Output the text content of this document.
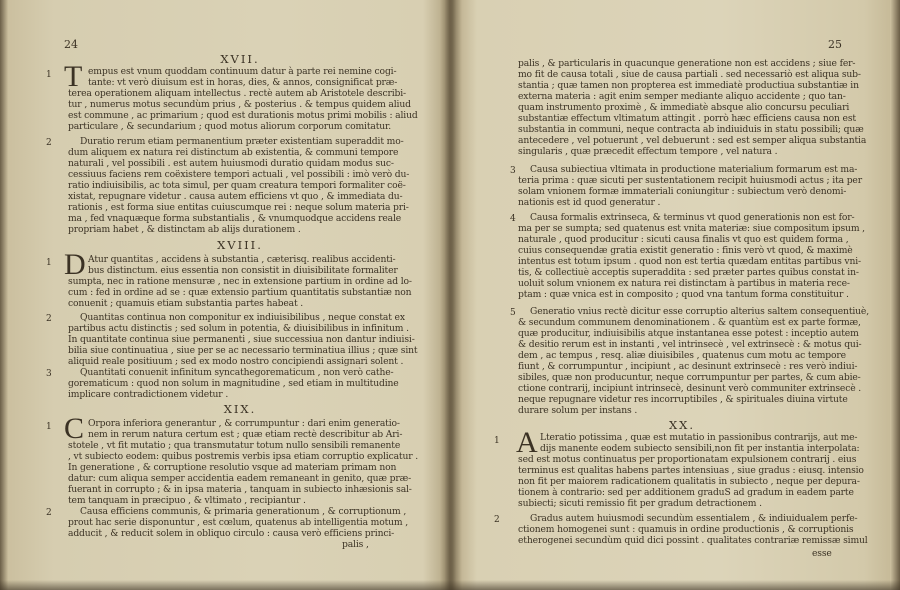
24
XVII.
T
1	empus est vnum quoddam continuum datur à parte rei nemine cogi-
tante: vt verò diuisum est in horas, dies, & annos, consignificat præ-
terea operationem aliquam intellectus . rectè autem ab Aristotele describi-
tur , numerus motus secundùm prius , & posterius . & tempus quidem aliud
est commune , ac primarium ; quod est durationis motus primi mobilis : aliud
particulare , & secundarium ; quod motus aliorum corporum comitatur.
2	Duratio rerum etiam permanentium præter existentiam superaddit mo-
dum aliquem ex natura rei distinctum ab existentia, & communi tempore
naturali , vel possibili . est autem huiusmodi duratio quidam modus suc-
cessiuus faciens rem coëxistere tempori actuali , vel possibili : imò verò du-
ratio indiuisibilis, ac tota simul, per quam creatura tempori formaliter coë-
xistat, repugnare videtur . causa autem efficiens vt quo , & immediata du-
rationis , est forma siue entitas cuiuscumque rei : neque solum materia pri-
ma , fed vnaquæque forma substantialis , & vnumquodque accidens reale
propriam habet , & distinctam ab alijs durationem .
XVIII.
D
1	Atur quantitas , accidens à substantia , cæterisq. realibus accidenti-
bus distinctum. eius essentia non consistit in diuisibilitate formaliter
sumpta, nec in ratione mensuræ , nec in extensione partium in ordine ad lo-
cum : fed in ordine ad se : quæ extensio partium quantitatis substantiæ non
conuenit ; quamuis etiam substantia partes habeat .
2	Quantitas continua non componitur ex indiuisibilibus , neque constat ex
partibus actu distinctis ; sed solum in potentia, & diuisibilibus in infinitum .
In quantitate continua siue permanenti , siue successiua non dantur indiuisi-
bilia siue continuatiua , siue per se ac necessario terminatiua illius ; quæ sint
aliquid reale positiuum ; sed ex modo nostro concipiendi assignari solent .
3	Quantitati conuenit infinitum syncathegorematicum , non verò cathe-
gorematicum : quod non solum in magnitudine , sed etiam in multitudine
implicare contradictionem videtur .
XIX.
C
1	Orpora inferiora generantur , & corrumpuntur : dari enim generatio-
nem in rerum natura certum est ; quæ etiam rectè describitur ab Ari-
stotele , vt fit mutatio ; qua transmutatur totum nullo sensibili remanente
, vt subiecto eodem: quibus postremis verbis ipsa etiam corruptio explicatur .
In generatione , & corruptione resolutio vsque ad materiam primam non
datur: cum aliqua semper accidentia eadem remaneant in genito, quæ præ-
fuerant in corrupto ; & in ipsa materia , tanquam in subiecto inhæsionis sal-
tem tanquam in præcipuo , & vltimato , recipiantur .
2	Causa efficiens communis, & primaria generationum , & corruptionum ,
prout hac serie disponuntur , est cœlum, quatenus ab intelligentia motum ,
adducit , & reducit solem in obliquo circulo : causa verò efficiens princi-
palis ,
25
palis , & particularis in quacunque generatione non est accidens ; siue fer-
mo fit de causa totali , siue de causa partiali . sed necessariò est aliqua sub-
stantia ; quæ tamen non propterea est immediatè productiua substantiæ in
externa materia : agit enim semper mediante aliquo accidente ; quo tan-
quam instrumento proximè , & immediatè absque alio concursu peculiari
substantiæ effectum vltimatum attingit . porrò hæc efficiens causa non est
substantia in communi, neque contracta ab indiuiduis in statu possibili; quæ
antecedere , vel potuerunt , vel debuerunt : sed est semper aliqua substantia
singularis , quæ præcedit effectum tempore , vel natura .
3 Causa subiectiua vltimata in productione materialium formarum est ma-
teria prima : quæ sicuti per sustentationem recipit huiusmodi actus ; ita per
solam vnionem formæ immateriali coniungitur : subiectum verò denomi-
nationis est id quod generatur .
4 Causa formalis extrinseca, & terminus vt quod generationis non est for-
ma per se sumpta; sed quatenus est vnita materiæ: siue compositum ipsum ,
naturale , quod producitur : sicuti causa finalis vt quo est quidem forma ,
cuius consequendæ gratia existit generatio : finis verò vt quod, & maximè
intentus est totum ipsum . quod non est tertia quædam entitas partibus vni-
tis, & collectiuè acceptis superaddita : sed præter partes quibus constat in-
uoluit solum vnionem ex natura rei distinctam à partibus in materia rece-
ptam : quæ vnica est in composito ; quod vna tantum forma constituitur .
5 Generatio vnius rectè dicitur esse corruptio alterius saltem consequentiuè,
& secundum communem denominationem . & quantùm est ex parte formæ,
quæ producitur, indiuisibilis atque instantanea esse potest : inceptio autem
& desitio rerum est in instanti , vel intrinsecè , vel extrinsecè : & motus qui-
dem , ac tempus , resq. aliæ diuisibiles , quatenus cum motu ac tempore
fiunt , & corrumpuntur , incipiunt , ac desinunt extrinsecè : res verò indiui-
sibiles, quæ non producuntur, neque corrumpuntur per partes, & cum abie-
ctione contrarij, incipiunt intrinsecè, desinunt verò communiter extrinsecè .
neque repugnare videtur res incorruptibiles , & spirituales diuina virtute
durare solum per instans .
XX.
A
1	Lteratio potissima , quæ est mutatio in passionibus contrarijs, aut me-
dijs manente eodem subiecto sensibili,non fit per instantia interpolata:
sed est motus continuatus per proportionatam expulsionem contrarij . eius
terminus est qualitas habens partes intensiuas , siue gradus : eiusq. intensio
non fit per maiorem radicationem qualitatis in subiecto , neque per depura-
tionem à contrario: sed per additionem graduS ad gradum in eadem parte
subiecti; sicuti remissio fit per gradum detractionem .
2	Gradus autem huiusmodi secundùm essentialem , & indiuidualem perfe-
ctionem homogenei sunt : quamuis in ordine productionis , & corruptionis
etherogenei secundùm quid dici possint . qualitates contrariæ remissæ simul
esse
